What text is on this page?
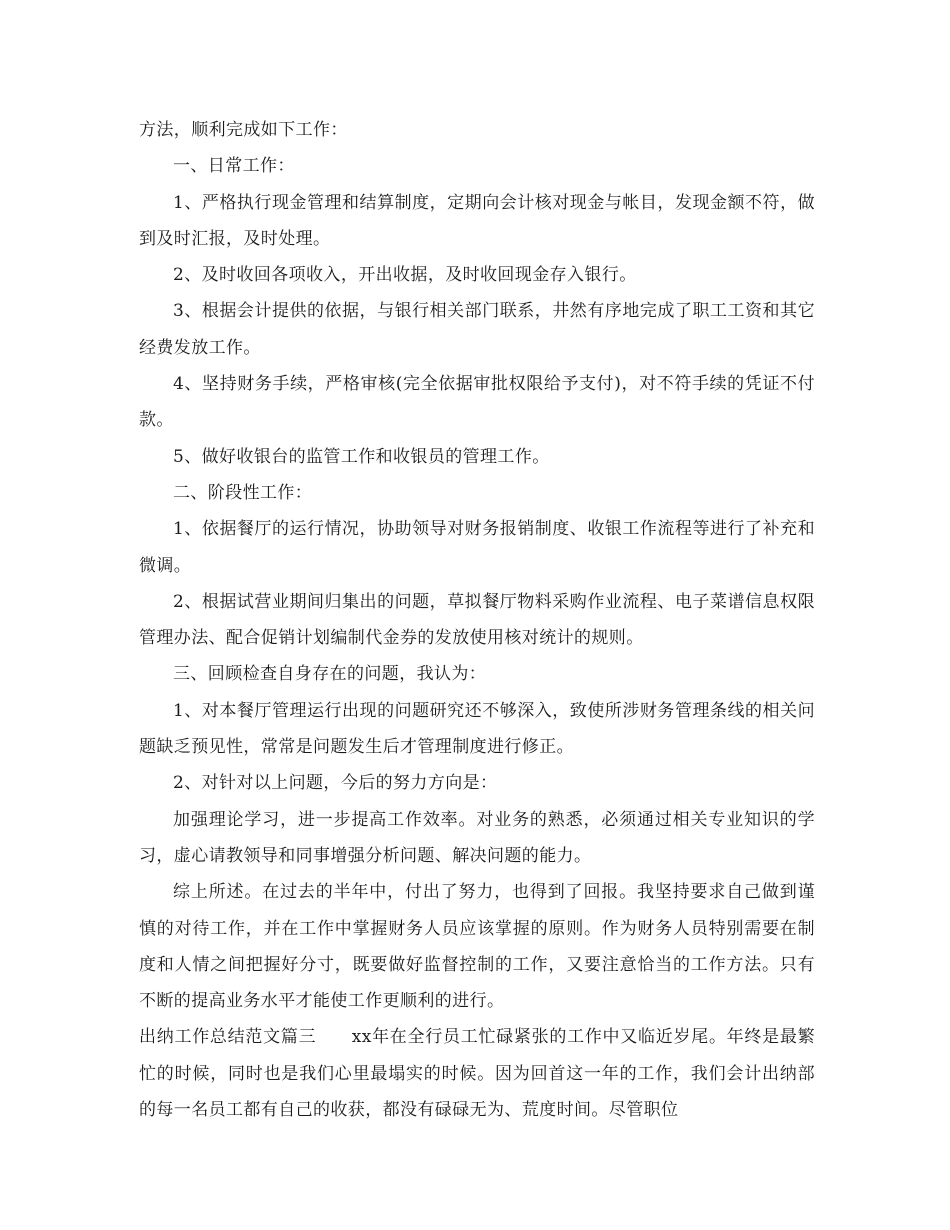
方法，顺利完成如下工作：

一、日常工作：

1、严格执行现金管理和结算制度，定期向会计核对现金与帐目，发现金额不符，做到及时汇报，及时处理。

2、及时收回各项收入，开出收据，及时收回现金存入银行。

3、根据会计提供的依据，与银行相关部门联系，井然有序地完成了职工工资和其它经费发放工作。

4、坚持财务手续，严格审核(完全依据审批权限给予支付)，对不符手续的凭证不付款。

5、做好收银台的监管工作和收银员的管理工作。

二、阶段性工作：

1、依据餐厅的运行情况，协助领导对财务报销制度、收银工作流程等进行了补充和微调。

2、根据试营业期间归集出的问题，草拟餐厅物料采购作业流程、电子菜谱信息权限管理办法、配合促销计划编制代金券的发放使用核对统计的规则。

三、回顾检查自身存在的问题，我认为：

1、对本餐厅管理运行出现的问题研究还不够深入，致使所涉财务管理条线的相关问题缺乏预见性，常常是问题发生后才管理制度进行修正。

2、对针对以上问题，今后的努力方向是：

加强理论学习，进一步提高工作效率。对业务的熟悉，必须通过相关专业知识的学习，虚心请教领导和同事增强分析问题、解决问题的能力。

综上所述。在过去的半年中，付出了努力，也得到了回报。我坚持要求自己做到谨慎的对待工作，并在工作中掌握财务人员应该掌握的原则。作为财务人员特别需要在制度和人情之间把握好分寸，既要做好监督控制的工作，又要注意恰当的工作方法。只有不断的提高业务水平才能使工作更顺利的进行。

出纳工作总结范文篇三　　xx年在全行员工忙碌紧张的工作中又临近岁尾。年终是最繁忙的时候，同时也是我们心里最塌实的时候。因为回首这一年的工作，我们会计出纳部的每一名员工都有自己的收获，都没有碌碌无为、荒度时间。尽管职位
